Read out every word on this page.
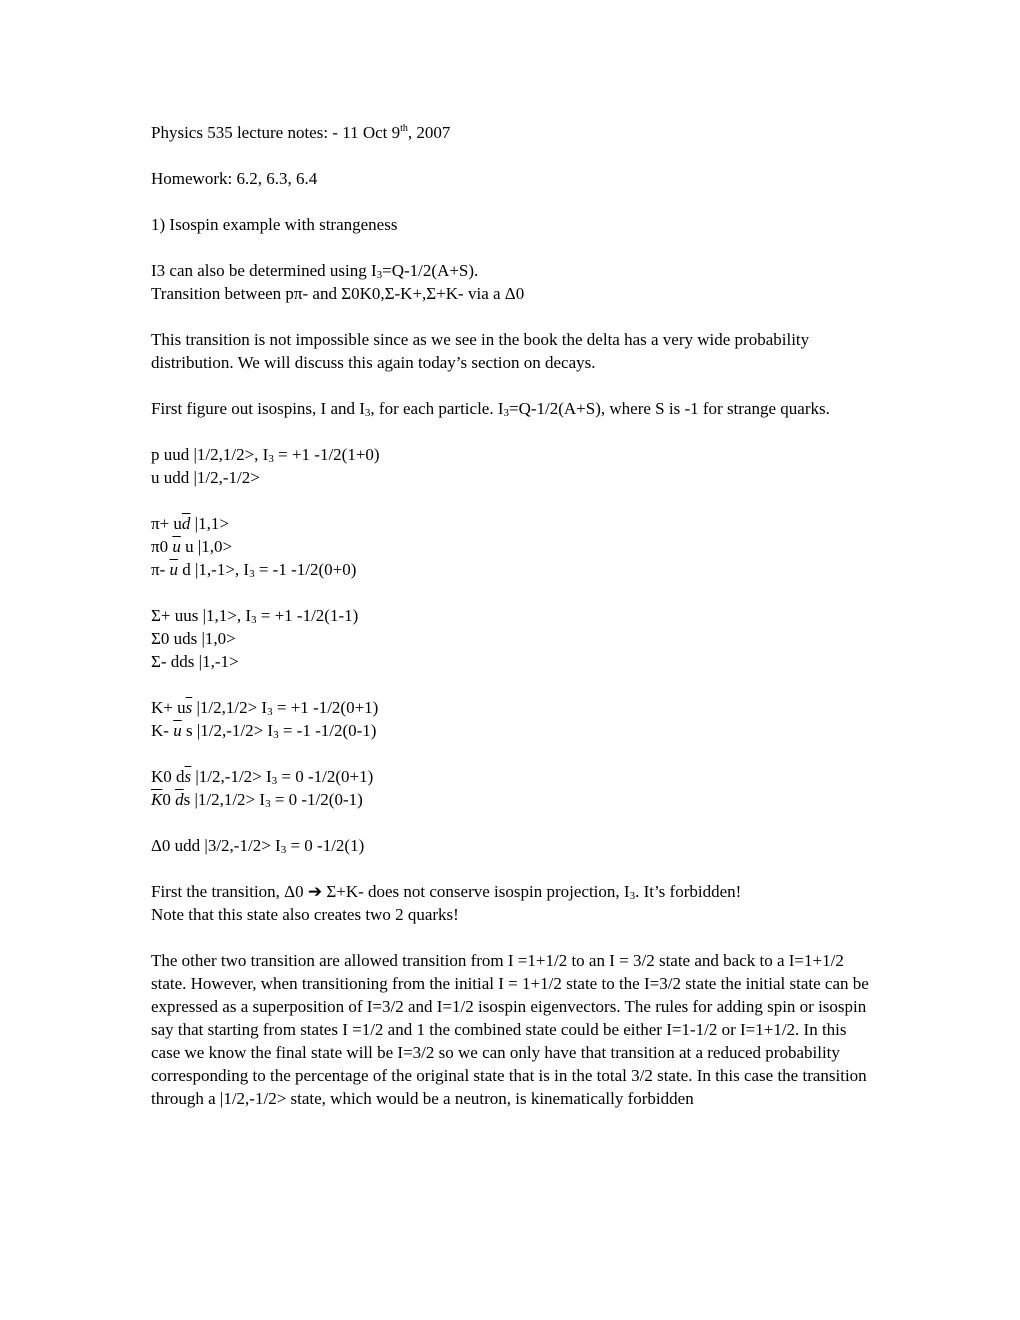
Physics 535 lecture notes: - 11 Oct 9th, 2007

Homework: 6.2, 6.3, 6.4

1) Isospin example with strangeness

I3 can also be determined using $I_3=Q-1/2(A+S)$.

Transition between pπ- and Σ0K0,Σ-K+,Σ+K- via a Δ0

This transition is not impossible since as we see in the book the delta has a very wide probability distribution. We will discuss this again today’s section on decays.

First figure out isospins, I and $I_3$, for each particle. $I_3=Q-1/2(A+S)$, where S is -1 for strange quarks.

p uud |1/2,1/2>, $I_3 = +1$ -1/2(1+0)

u udd |1/2,-1/2>

$\pi+ u\overline{d}$ |1,1>

π0 $\overline{u}$ u |1,0>

π- $\overline{u}$ d |1,-1>, $I_3 = -1$ -1/2(0+0)

Σ+ uus |1,1>, $I_3 = +1$ -1/2(1-1)

Σ0 uds |1,0>

Σ- dds |1,-1>

$K+ u\overline{s}$ $|1/2,1/2> I_3 = +1$ -1/2(0+1)

K- $\overline{u}$ s $|1/2,-1/2> I_3 = -1$ -1/2(0-1)

K0 $d\overline{s}$ $|1/2,-1/2> I_3 = 0$ -1/2(0+1)

$\overline{K}0$ $\overline{d}s$ $|1/2,1/2> I_3 = 0$ -1/2(0-1)

Δ0 udd $|3/2,-1/2> I_3 = 0$ -1/2(1)

First the transition, Δ0 ➔ Σ+K- does not conserve isospin projection, $I_3$. It’s forbidden!

Note that this state also creates two 2 quarks!

The other two transition are allowed transition from I =1+1/2 to an I = 3/2 state and back to a I=1+1/2 state. However, when transitioning from the initial I = 1+1/2 state to the I=3/2 state the initial state can be expressed as a superposition of I=3/2 and I=1/2 isospin eigenvectors. The rules for adding spin or isospin say that starting from states I =1/2 and 1 the combined state could be either I=1-1/2 or I=1+1/2. In this case we know the final state will be I=3/2 so we can only have that transition at a reduced probability corresponding to the percentage of the original state that is in the total 3/2 state. In this case the transition through a |1/2,-1/2> state, which would be a neutron, is kinematically forbidden
